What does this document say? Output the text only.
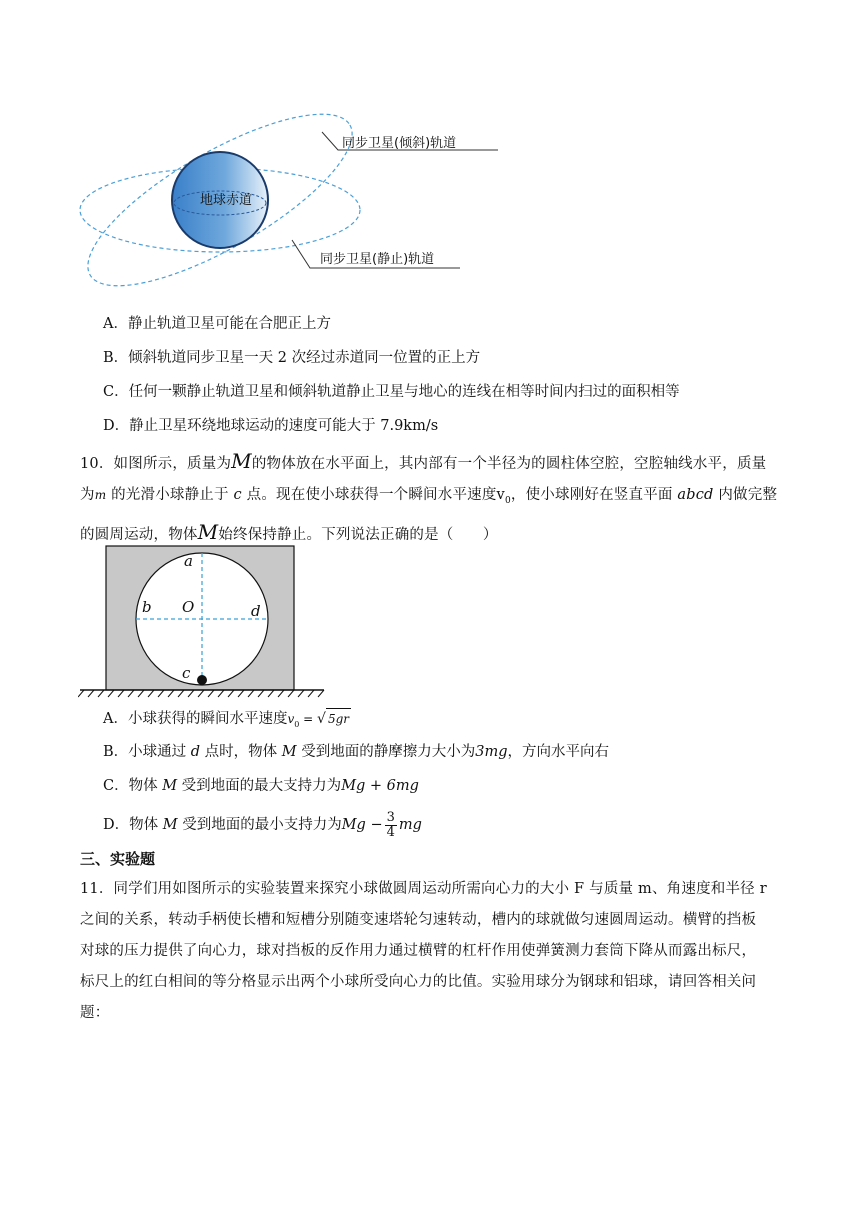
地球赤道
同步卫星(倾斜)轨道
同步卫星(静止)轨道
A．静止轨道卫星可能在合肥正上方
B．倾斜轨道同步卫星一天 2 次经过赤道同一位置的正上方
C．任何一颗静止轨道卫星和倾斜轨道静止卫星与地心的连线在相等时间内扫过的面积相等
D．静止卫星环绕地球运动的速度可能大于 7.9km/s
10．如图所示，质量为M的物体放在水平面上，其内部有一个半径为的圆柱体空腔，空腔轴线水平，质量
为m 的光滑小球静止于 c 点。现在使小球获得一个瞬间水平速度$v_0$，使小球刚好在竖直平面 abcd 内做完整
的圆周运动，物体M始终保持静止。下列说法正确的是（　　）
a
b O	d
c
A．小球获得的瞬间水平速度$v_0$ = √ 5gr
B．小球通过 d 点时，物体 M 受到地面的静摩擦力大小为3mg，方向水平向右
C．物体 M 受到地面的最大支持力为Mg + 6mg
D．物体 M 受到地面的最小支持力为$Mg - \frac{3}{4}$ mg
三、实验题
11．同学们用如图所示的实验装置来探究小球做圆周运动所需向心力的大小 F 与质量 m、角速度和半径 r
之间的关系，转动手柄使长槽和短槽分别随变速塔轮匀速转动，槽内的球就做匀速圆周运动。横臂的挡板
对球的压力提供了向心力，球对挡板的反作用力通过横臂的杠杆作用使弹簧测力套筒下降从而露出标尺，
标尺上的红白相间的等分格显示出两个小球所受向心力的比值。实验用球分为钢球和铝球，请回答相关问
题：
